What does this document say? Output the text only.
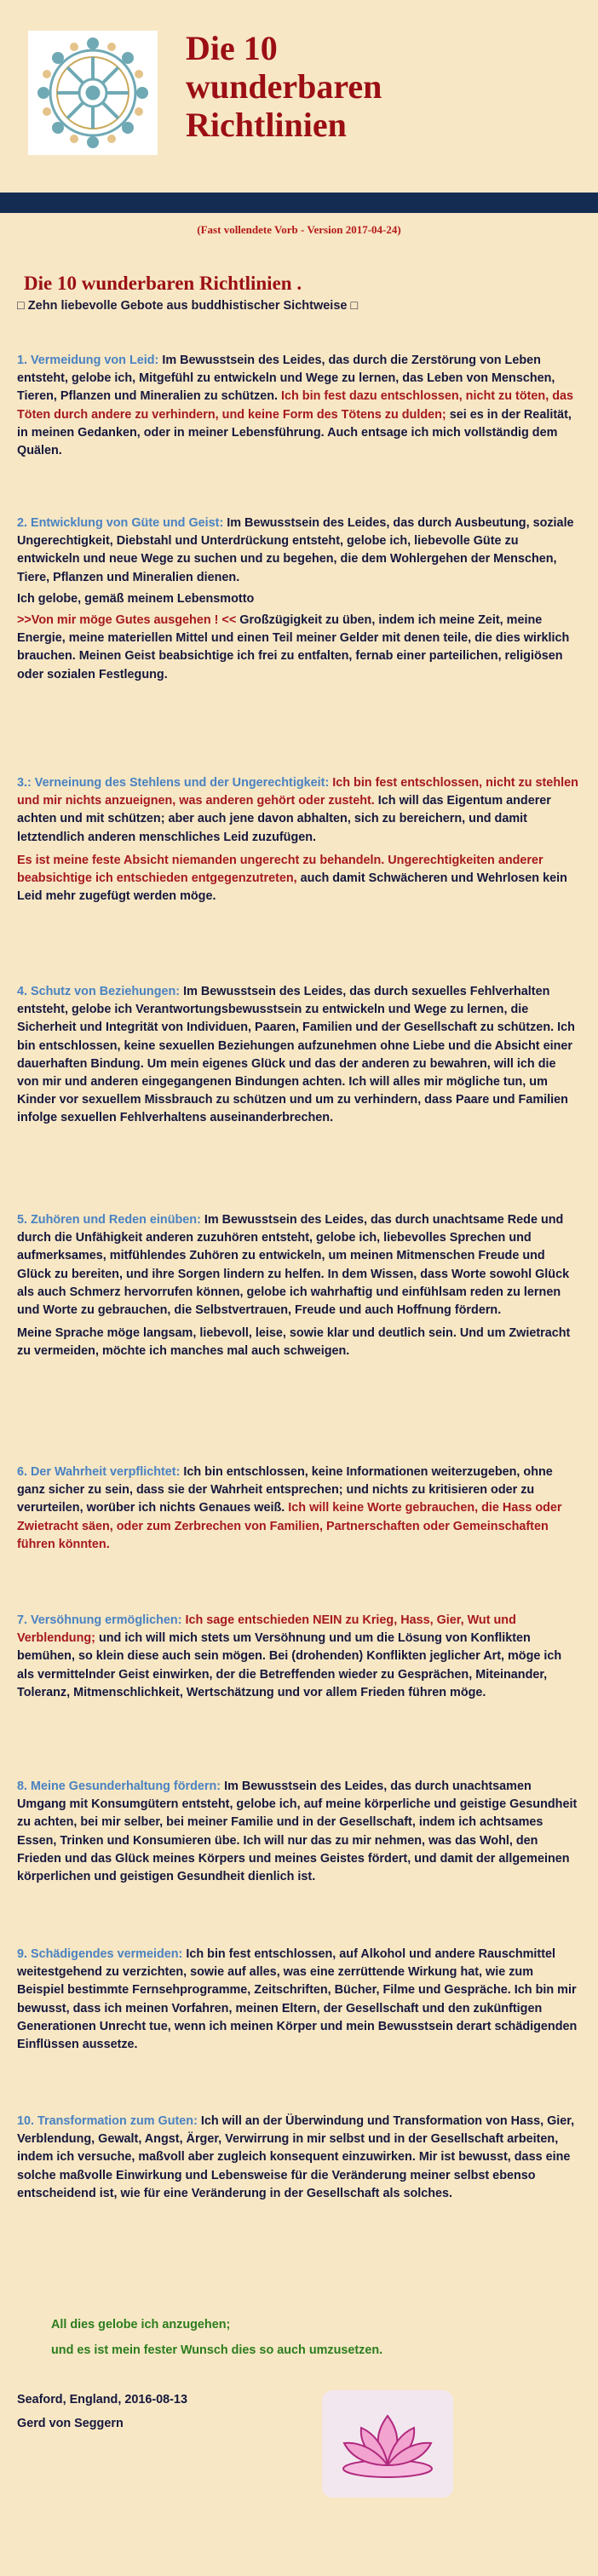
Die 10
wunderbaren
Richtlinien
(Fast vollendete Vorb - Version 2017-04-24)
Die 10 wunderbaren Richtlinien .
□ Zehn liebevolle Gebote aus buddhistischer Sichtweise □

1. Vermeidung von Leid: Im Bewusstsein des Leides, das durch die Zerstörung von Leben entsteht, gelobe ich, Mitgefühl zu entwickeln und Wege zu lernen, das Leben von Menschen, Tieren, Pflanzen und Mineralien zu schützen. Ich bin fest dazu entschlossen, nicht zu töten, das Töten durch andere zu verhindern, und keine Form des Tötens zu dulden; sei es in der Realität, in meinen Gedanken, oder in meiner Lebensführung. Auch entsage ich mich vollständig dem Quälen.

2. Entwicklung von Güte und Geist: Im Bewusstsein des Leides, das durch Ausbeutung, soziale Ungerechtigkeit, Diebstahl und Unterdrückung entsteht, gelobe ich, liebevolle Güte zu entwickeln und neue Wege zu suchen und zu begehen, die dem Wohlergehen der Menschen, Tiere, Pflanzen und Mineralien dienen.

Ich gelobe, gemäß meinem Lebensmotto

>>Von mir möge Gutes ausgehen ! << Großzügigkeit zu üben, indem ich meine Zeit, meine Energie, meine materiellen Mittel und einen Teil meiner Gelder mit denen teile, die dies wirklich brauchen. Meinen Geist beabsichtige ich frei zu entfalten, fernab einer parteilichen, religiösen oder sozialen Festlegung.

3.: Verneinung des Stehlens und der Ungerechtigkeit: Ich bin fest entschlossen, nicht zu stehlen und mir nichts anzueignen, was anderen gehört oder zusteht. Ich will das Eigentum anderer achten und mit schützen; aber auch jene davon abhalten, sich zu bereichern, und damit letztendlich anderen menschliches Leid zuzufügen.

Es ist meine feste Absicht niemanden ungerecht zu behandeln. Ungerechtigkeiten anderer beabsichtige ich entschieden entgegenzutreten, auch damit Schwächeren und Wehrlosen kein Leid mehr zugefügt werden möge.

4. Schutz von Beziehungen: Im Bewusstsein des Leides, das durch sexuelles Fehlverhalten entsteht, gelobe ich Verantwortungsbewusstsein zu entwickeln und Wege zu lernen, die Sicherheit und Integrität von Individuen, Paaren, Familien und der Gesellschaft zu schützen. Ich bin entschlossen, keine sexuellen Beziehungen aufzunehmen ohne Liebe und die Absicht einer dauerhaften Bindung. Um mein eigenes Glück und das der anderen zu bewahren, will ich die von mir und anderen eingegangenen Bindungen achten. Ich will alles mir mögliche tun, um Kinder vor sexuellem Missbrauch zu schützen und um zu verhindern, dass Paare und Familien infolge sexuellen Fehlverhaltens auseinanderbrechen.

5. Zuhören und Reden einüben: Im Bewusstsein des Leides, das durch unachtsame Rede und durch die Unfähigkeit anderen zuzuhören entsteht, gelobe ich, liebevolles Sprechen und aufmerksames, mitfühlendes Zuhören zu entwickeln, um meinen Mitmenschen Freude und Glück zu bereiten, und ihre Sorgen lindern zu helfen. In dem Wissen, dass Worte sowohl Glück als auch Schmerz hervorrufen können, gelobe ich wahrhaftig und einfühlsam reden zu lernen und Worte zu gebrauchen, die Selbstvertrauen, Freude und auch Hoffnung fördern.

Meine Sprache möge langsam, liebevoll, leise, sowie klar und deutlich sein. Und um Zwietracht zu vermeiden, möchte ich manches mal auch schweigen.

6. Der Wahrheit verpflichtet: Ich bin entschlossen, keine Informationen weiterzugeben, ohne ganz sicher zu sein, dass sie der Wahrheit entsprechen; und nichts zu kritisieren oder zu verurteilen, worüber ich nichts Genaues weiß. Ich will keine Worte gebrauchen, die Hass oder Zwietracht säen, oder zum Zerbrechen von Familien, Partnerschaften oder Gemeinschaften führen könnten.

7. Versöhnung ermöglichen: Ich sage entschieden NEIN zu Krieg, Hass, Gier, Wut und Verblendung; und ich will mich stets um Versöhnung und um die Lösung von Konflikten bemühen, so klein diese auch sein mögen. Bei (drohenden) Konflikten jeglicher Art, möge ich als vermittelnder Geist einwirken, der die Betreffenden wieder zu Gesprächen, Miteinander, Toleranz, Mitmenschlichkeit, Wertschätzung und vor allem Frieden führen möge.

8. Meine Gesunderhaltung fördern: Im Bewusstsein des Leides, das durch unachtsamen Umgang mit Konsumgütern entsteht, gelobe ich, auf meine körperliche und geistige Gesundheit zu achten, bei mir selber, bei meiner Familie und in der Gesellschaft, indem ich achtsames Essen, Trinken und Konsumieren übe. Ich will nur das zu mir nehmen, was das Wohl, den Frieden und das Glück meines Körpers und meines Geistes fördert, und damit der allgemeinen körperlichen und geistigen Gesundheit dienlich ist.

9. Schädigendes vermeiden: Ich bin fest entschlossen, auf Alkohol und andere Rauschmittel weitestgehend zu verzichten, sowie auf alles, was eine zerrüttende Wirkung hat, wie zum Beispiel bestimmte Fernsehprogramme, Zeitschriften, Bücher, Filme und Gespräche. Ich bin mir bewusst, dass ich meinen Vorfahren, meinen Eltern, der Gesellschaft und den zukünftigen Generationen Unrecht tue, wenn ich meinen Körper und mein Bewusstsein derart schädigenden Einflüssen aussetze.

10. Transformation zum Guten: Ich will an der Überwindung und Transformation von Hass, Gier, Verblendung, Gewalt, Angst, Ärger, Verwirrung in mir selbst und in der Gesellschaft arbeiten, indem ich versuche, maßvoll aber zugleich konsequent einzuwirken. Mir ist bewusst, dass eine solche maßvolle Einwirkung und Lebensweise für die Veränderung meiner selbst ebenso entscheidend ist, wie für eine Veränderung in der Gesellschaft als solches.

All dies gelobe ich anzugehen;
und es ist mein fester Wunsch dies so auch umzusetzen.

Seaford, England, 2016-08-13

Gerd von Seggern
